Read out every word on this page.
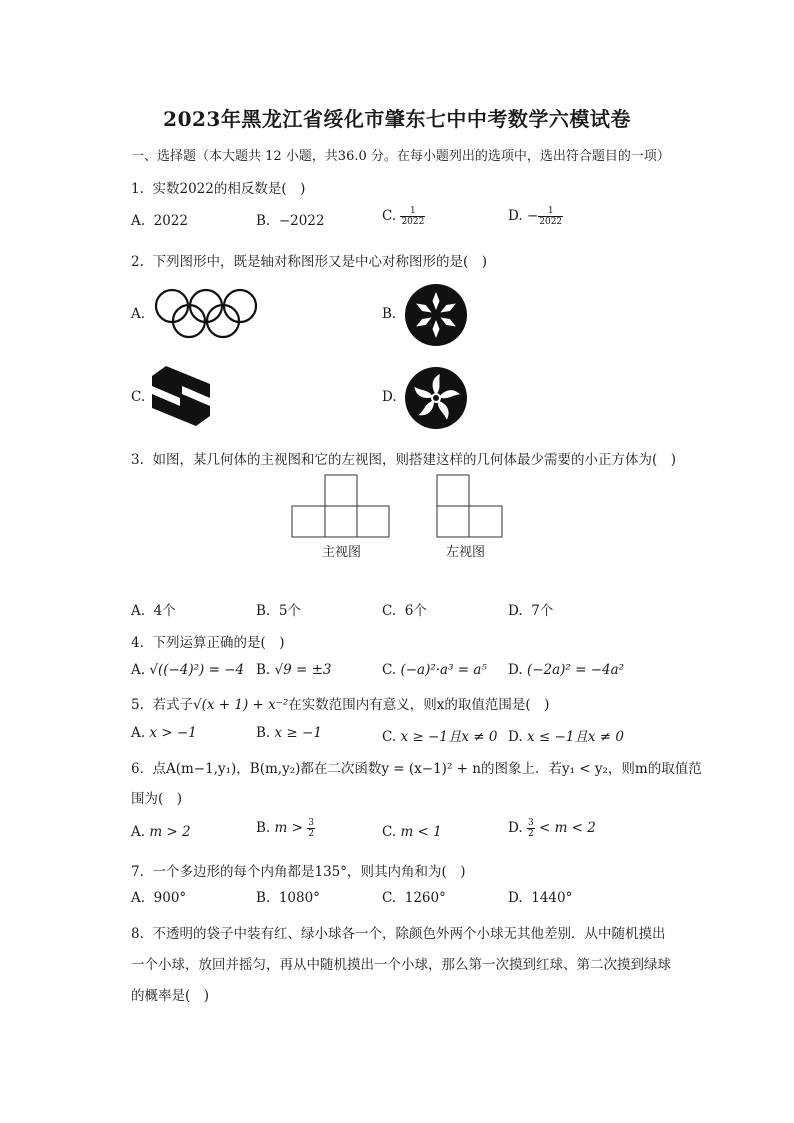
2023年黑龙江省绥化市肇东七中中考数学六模试卷
一、选择题（本大题共 12 小题，共36.0 分。在每小题列出的选项中，选出符合题目的一项）
1. 实数2022的相反数是(　)
A. 2022	B. −2022	C. $\frac{1}{2022}$	D. − $\frac{1}{2022}$
2. 下列图形中，既是轴对称图形又是中心对称图形的是(　)
A.	B.
C.	D.
3. 如图，某几何体的主视图和它的左视图，则搭建这样的几何体最少需要的小正方体为(　)
主视图	左视图
A. 4个	B. 5个	C. 6个	D. 7个
4. 下列运算正确的是(　)
A. √((−4)²) = −4 B. √9 = ±3	C. (−a)²·a³ = a⁵ D. (−2a)² = −4a²
5. 若式子√(x + 1) + x⁻²在实数范围内有意义，则x的取值范围是(　)
A. x > −1	B. x ≥ −1	C. x ≥ −1且x ≠ 0 D. x ≤ −1且x ≠ 0
6. 点A(m−1,y₁)，B(m,y₂)都在二次函数y = (x−1)² + n的图象上．若y₁ < y₂，则m的取值范
围为(　)
A. m > 2	B. $m > \frac{3}{2}$	C. m < 1	D. $\frac{3}{2} < m < 2$
7. 一个多边形的每个内角都是135°，则其内角和为(　)
A. 900°	B. 1080°	C. 1260°	D. 1440°
8. 不透明的袋子中装有红、绿小球各一个，除颜色外两个小球无其他差别．从中随机摸出
一个小球，放回并摇匀，再从中随机摸出一个小球，那么第一次摸到红球、第二次摸到绿球
的概率是(　)
